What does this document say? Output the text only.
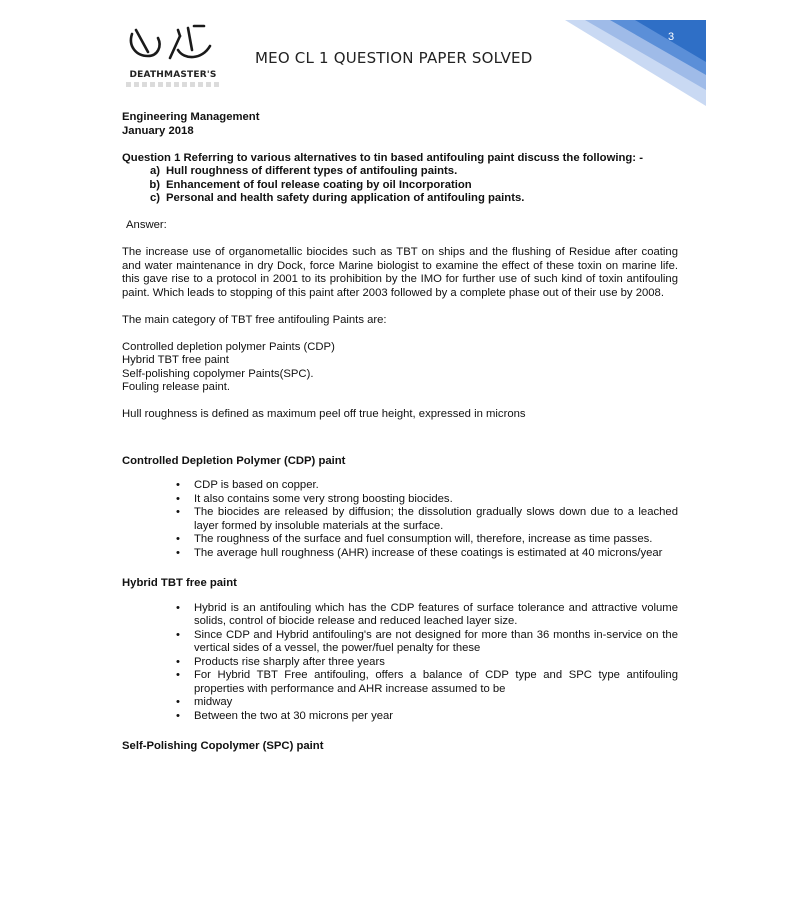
DEATHMASTER'S
MEO CL 1 QUESTION PAPER SOLVED
3
Engineering Management
January 2018
Question 1 Referring to various alternatives to tin based antifouling paint discuss the following: -
a) Hull roughness of different types of antifouling paints.
b) Enhancement of foul release coating by oil Incorporation
c) Personal and health safety during application of antifouling paints.
Answer:
The increase use of organometallic biocides such as TBT on ships and the flushing of Residue after coating and water maintenance in dry Dock, force Marine biologist to examine the effect of these toxin on marine life. this gave rise to a protocol in 2001 to its prohibition by the IMO for further use of such kind of toxin antifouling paint. Which leads to stopping of this paint after 2003 followed by a complete phase out of their use by 2008.
The main category of TBT free antifouling Paints are:
Controlled depletion polymer Paints (CDP)
Hybrid TBT free paint
Self-polishing copolymer Paints(SPC).
Fouling release paint.
Hull roughness is defined as maximum peel off true height, expressed in microns
Controlled Depletion Polymer (CDP) paint
•	CDP is based on copper.
•	It also contains some very strong boosting biocides.
•	The biocides are released by diffusion; the dissolution gradually slows down due to a leached layer formed by insoluble materials at the surface.
•	The roughness of the surface and fuel consumption will, therefore, increase as time passes.
•	The average hull roughness (AHR) increase of these coatings is estimated at 40 microns/year
Hybrid TBT free paint
•	Hybrid is an antifouling which has the CDP features of surface tolerance and attractive volume solids, control of biocide release and reduced leached layer size.
•	Since CDP and Hybrid antifouling's are not designed for more than 36 months in-service on the vertical sides of a vessel, the power/fuel penalty for these
•	Products rise sharply after three years
•	For Hybrid TBT Free antifouling, offers a balance of CDP type and SPC type antifouling properties with performance and AHR increase assumed to be
•	midway
•	Between the two at 30 microns per year
Self-Polishing Copolymer (SPC) paint
